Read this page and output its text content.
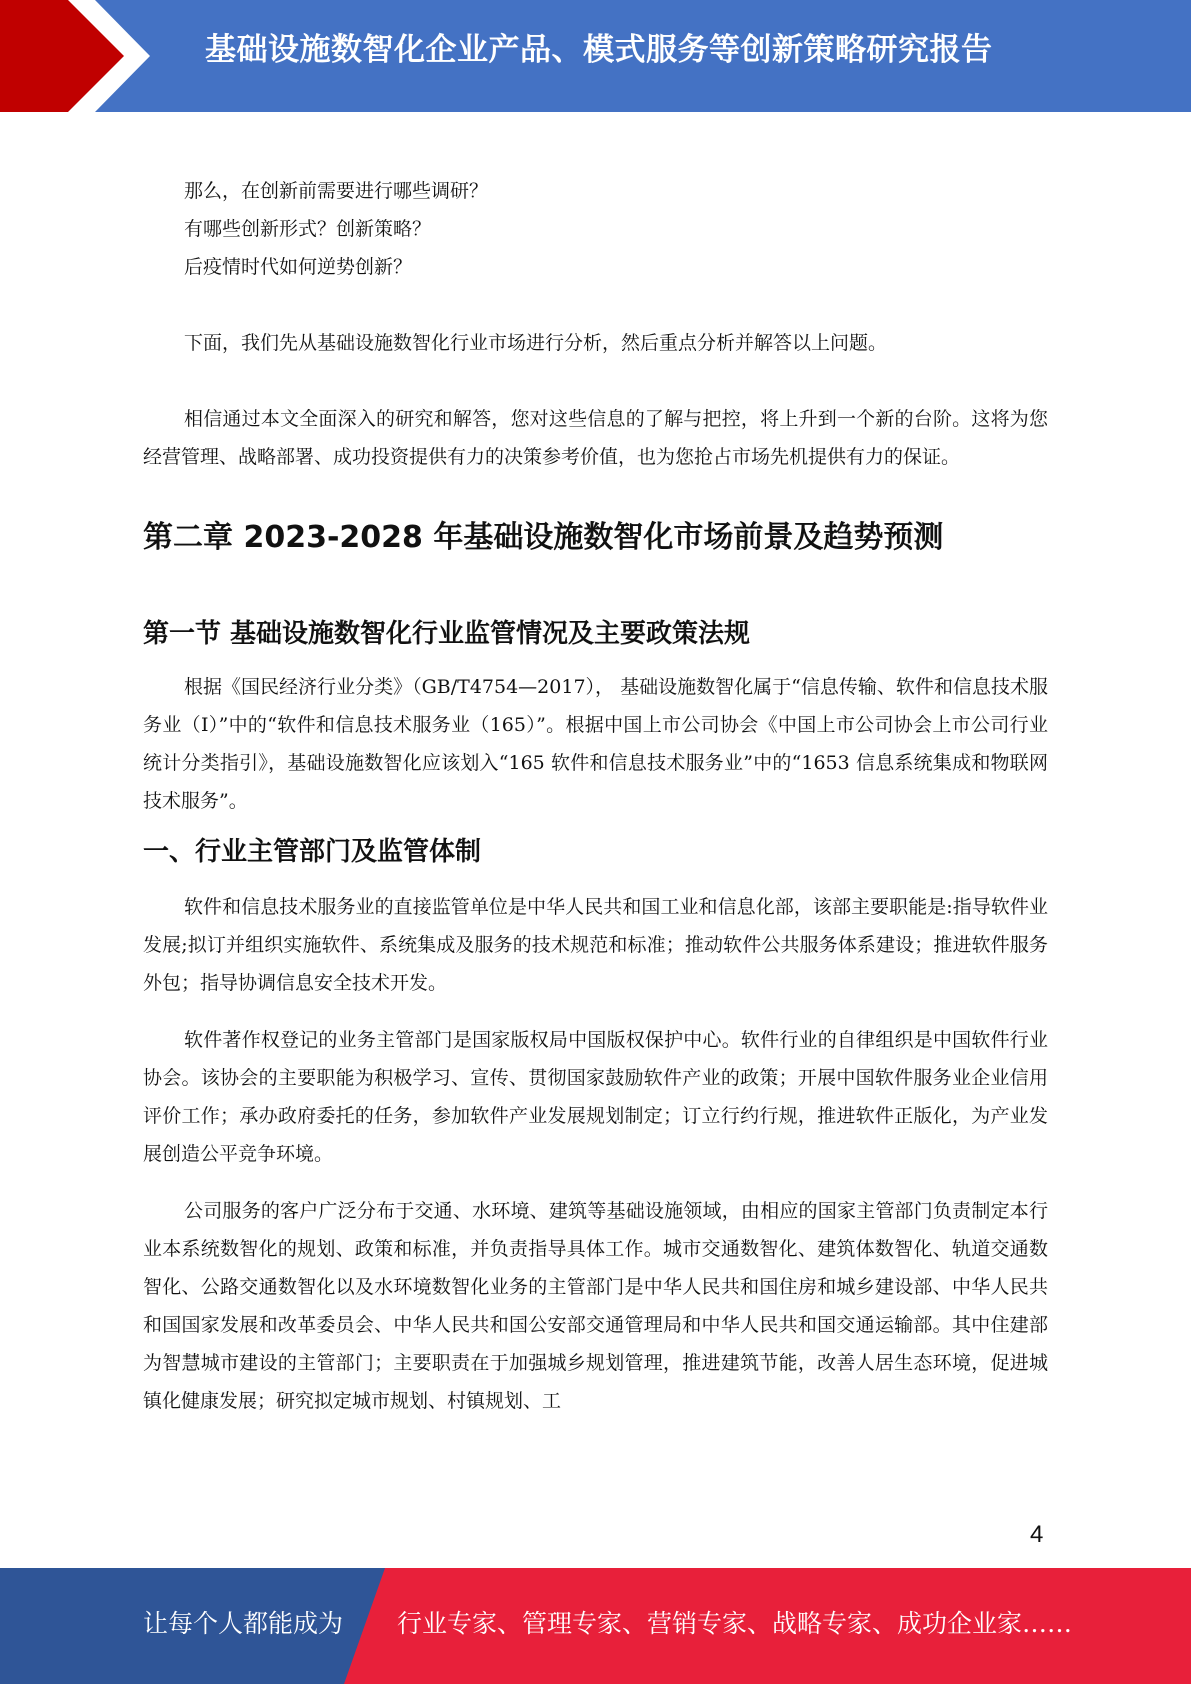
基础设施数智化企业产品、模式服务等创新策略研究报告

那么，在创新前需要进行哪些调研？

有哪些创新形式？创新策略？

后疫情时代如何逆势创新？

下面，我们先从基础设施数智化行业市场进行分析，然后重点分析并解答以上问题。

相信通过本文全面深入的研究和解答，您对这些信息的了解与把控，将上升到一个新的台阶。这将为您经营管理、战略部署、成功投资提供有力的决策参考价值，也为您抢占市场先机提供有力的保证。

第二章 2023-2028 年基础设施数智化市场前景及趋势预测
第一节 基础设施数智化行业监管情况及主要政策法规

根据《国民经济行业分类》（GB/T4754—2017）， 基础设施数智化属于“信息传输、软件和信息技术服务业（I）”中的“软件和信息技术服务业（165）”。根据中国上市公司协会《中国上市公司协会上市公司行业统计分类指引》，基础设施数智化应该划入“165 软件和信息技术服务业”中的“1653 信息系统集成和物联网技术服务”。

一、行业主管部门及监管体制

软件和信息技术服务业的直接监管单位是中华人民共和国工业和信息化部，该部主要职能是:指导软件业发展;拟订并组织实施软件、系统集成及服务的技术规范和标准；推动软件公共服务体系建设；推进软件服务外包；指导协调信息安全技术开发。

软件著作权登记的业务主管部门是国家版权局中国版权保护中心。软件行业的自律组织是中国软件行业协会。该协会的主要职能为积极学习、宣传、贯彻国家鼓励软件产业的政策；开展中国软件服务业企业信用评价工作；承办政府委托的任务，参加软件产业发展规划制定；订立行约行规，推进软件正版化，为产业发展创造公平竞争环境。

公司服务的客户广泛分布于交通、水环境、建筑等基础设施领域，由相应的国家主管部门负责制定本行业本系统数智化的规划、政策和标准，并负责指导具体工作。城市交通数智化、建筑体数智化、轨道交通数智化、公路交通数智化以及水环境数智化业务的主管部门是中华人民共和国住房和城乡建设部、中华人民共和国国家发展和改革委员会、中华人民共和国公安部交通管理局和中华人民共和国交通运输部。其中住建部为智慧城市建设的主管部门；主要职责在于加强城乡规划管理，推进建筑节能，改善人居生态环境，促进城镇化健康发展；研究拟定城市规划、村镇规划、工

4
让每个人都能成为 行业专家、管理专家、营销专家、战略专家、成功企业家……
